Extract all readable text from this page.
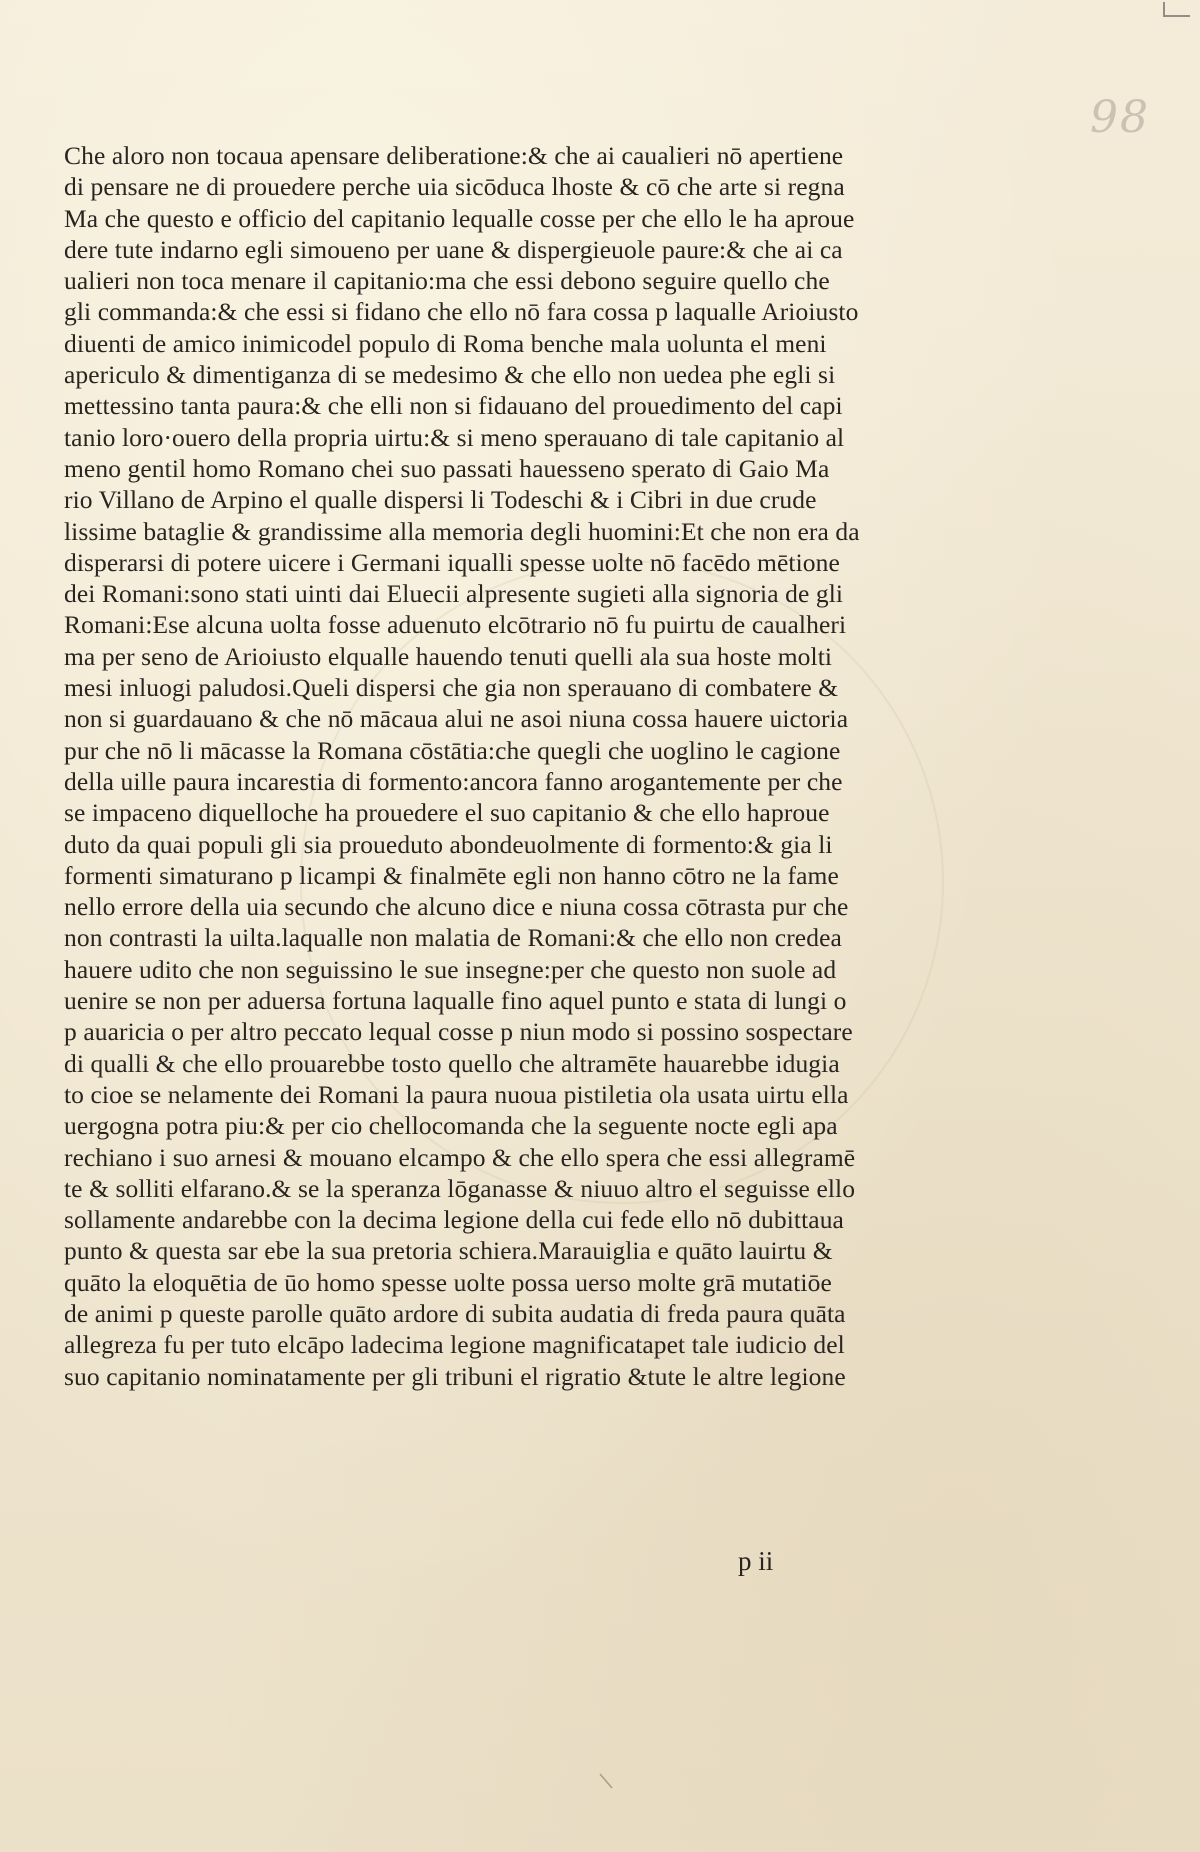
98
Che aloro non tocaua apensare deliberatione:& che ai caualieri nō apertiene
di pensare ne di prouedere perche uia sicōduca lhoste & cō che arte si regna
Ma che questo e officio del capitanio lequalle cosse per che ello le ha aproue
dere tute indarno egli simoueno per uane & dispergieuole paure:& che ai ca
ualieri non toca menare il capitanio:ma che essi debono seguire quello che
gli commanda:& che essi si fidano che ello nō fara cossa p laqualle Arioiusto
diuenti de amico inimicodel populo di Roma benche mala uolunta el meni
apericulo & dimentiganza di se medesimo & che ello non uedea phe egli si
mettessino tanta paura:& che elli non si fidauano del prouedimento del capi
tanio loro·ouero della propria uirtu:& si meno sperauano di tale capitanio al
meno gentil homo Romano chei suo passati hauesseno sperato di Gaio Ma
rio Villano de Arpino el qualle dispersi li Todeschi & i Cibri in due crude
lissime bataglie & grandissime alla memoria degli huomini:Et che non era da
disperarsi di potere uicere i Germani iqualli spesse uolte nō facēdo mētione
dei Romani:sono stati uinti dai Eluecii alpresente sugieti alla signoria de gli
Romani:Ese alcuna uolta fosse aduenuto elcōtrario nō fu puirtu de caualheri
ma per seno de Arioiusto elqualle hauendo tenuti quelli ala sua hoste molti
mesi inluogi paludosi.Queli dispersi che gia non sperauano di combatere &
non si guardauano & che nō mācaua alui ne asoi niuna cossa hauere uictoria
pur che nō li mācasse la Romana cōstātia:che quegli che uoglino le cagione
della uille paura incarestia di formento:ancora fanno arogantemente per che
se impaceno diquelloche ha prouedere el suo capitanio & che ello haproue
duto da quai populi gli sia proueduto abondeuolmente di formento:& gia li
formenti simaturano p licampi & finalmēte egli non hanno cōtro ne la fame
nello errore della uia secundo che alcuno dice e niuna cossa cōtrasta pur che
non contrasti la uilta.laqualle non malatia de Romani:& che ello non credea
hauere udito che non seguissino le sue insegne:per che questo non suole ad
uenire se non per aduersa fortuna laqualle fino aquel punto e stata di lungi o
p auaricia o per altro peccato lequal cosse p niun modo si possino sospectare
di qualli & che ello prouarebbe tosto quello che altramēte hauarebbe idugia
to cioe se nelamente dei Romani la paura nuoua pistiletia ola usata uirtu ella
uergogna potra piu:& per cio chellocomanda che la seguente nocte egli apa
rechiano i suo arnesi & mouano elcampo & che ello spera che essi allegramē
te & solliti elfarano.& se la speranza lōganasse & niuuo altro el seguisse ello
sollamente andarebbe con la decima legione della cui fede ello nō dubittaua
punto & questa sar ebe la sua pretoria schiera.Marauiglia e quāto lauirtu &
quāto la eloquētia de ūo homo spesse uolte possa uerso molte grā mutatiōe
de animi p queste parolle quāto ardore di subita audatia di freda paura quāta
allegreza fu per tuto elcāpo ladecima legione magnificatapet tale iudicio del
suo capitanio nominatamente per gli tribuni el rigratio &tute le altre legione
p ii
